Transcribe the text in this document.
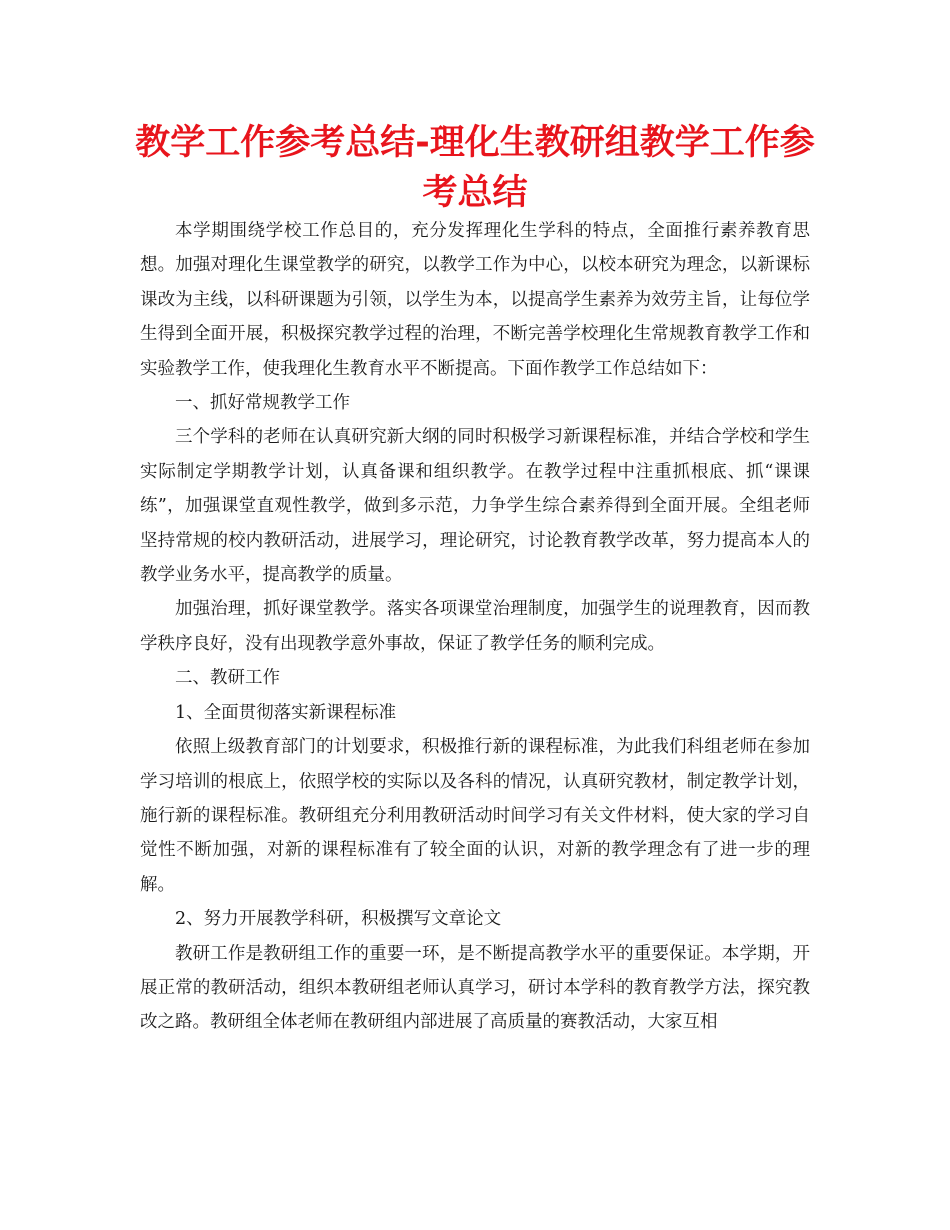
教学工作参考总结-理化生教研组教学工作参考总结

本学期围绕学校工作总目的，充分发挥理化生学科的特点，全面推行素养教育思想。加强对理化生课堂教学的研究，以教学工作为中心，以校本研究为理念，以新课标课改为主线，以科研课题为引领，以学生为本，以提高学生素养为效劳主旨，让每位学生得到全面开展，积极探究教学过程的治理，不断完善学校理化生常规教育教学工作和实验教学工作，使我理化生教育水平不断提高。下面作教学工作总结如下：

一、抓好常规教学工作

三个学科的老师在认真研究新大纲的同时积极学习新课程标准，并结合学校和学生实际制定学期教学计划，认真备课和组织教学。在教学过程中注重抓根底、抓“课课练”，加强课堂直观性教学，做到多示范，力争学生综合素养得到全面开展。全组老师坚持常规的校内教研活动，进展学习，理论研究，讨论教育教学改革，努力提高本人的教学业务水平，提高教学的质量。

加强治理，抓好课堂教学。落实各项课堂治理制度，加强学生的说理教育，因而教学秩序良好，没有出现教学意外事故，保证了教学任务的顺利完成。

二、教研工作

1、全面贯彻落实新课程标准

依照上级教育部门的计划要求，积极推行新的课程标准，为此我们科组老师在参加学习培训的根底上，依照学校的实际以及各科的情况，认真研究教材，制定教学计划，施行新的课程标准。教研组充分利用教研活动时间学习有关文件材料，使大家的学习自觉性不断加强，对新的课程标准有了较全面的认识，对新的教学理念有了进一步的理解。

2、努力开展教学科研，积极撰写文章论文

教研工作是教研组工作的重要一环，是不断提高教学水平的重要保证。本学期，开展正常的教研活动，组织本教研组老师认真学习，研讨本学科的教育教学方法，探究教改之路。教研组全体老师在教研组内部进展了高质量的赛教活动，大家互相
